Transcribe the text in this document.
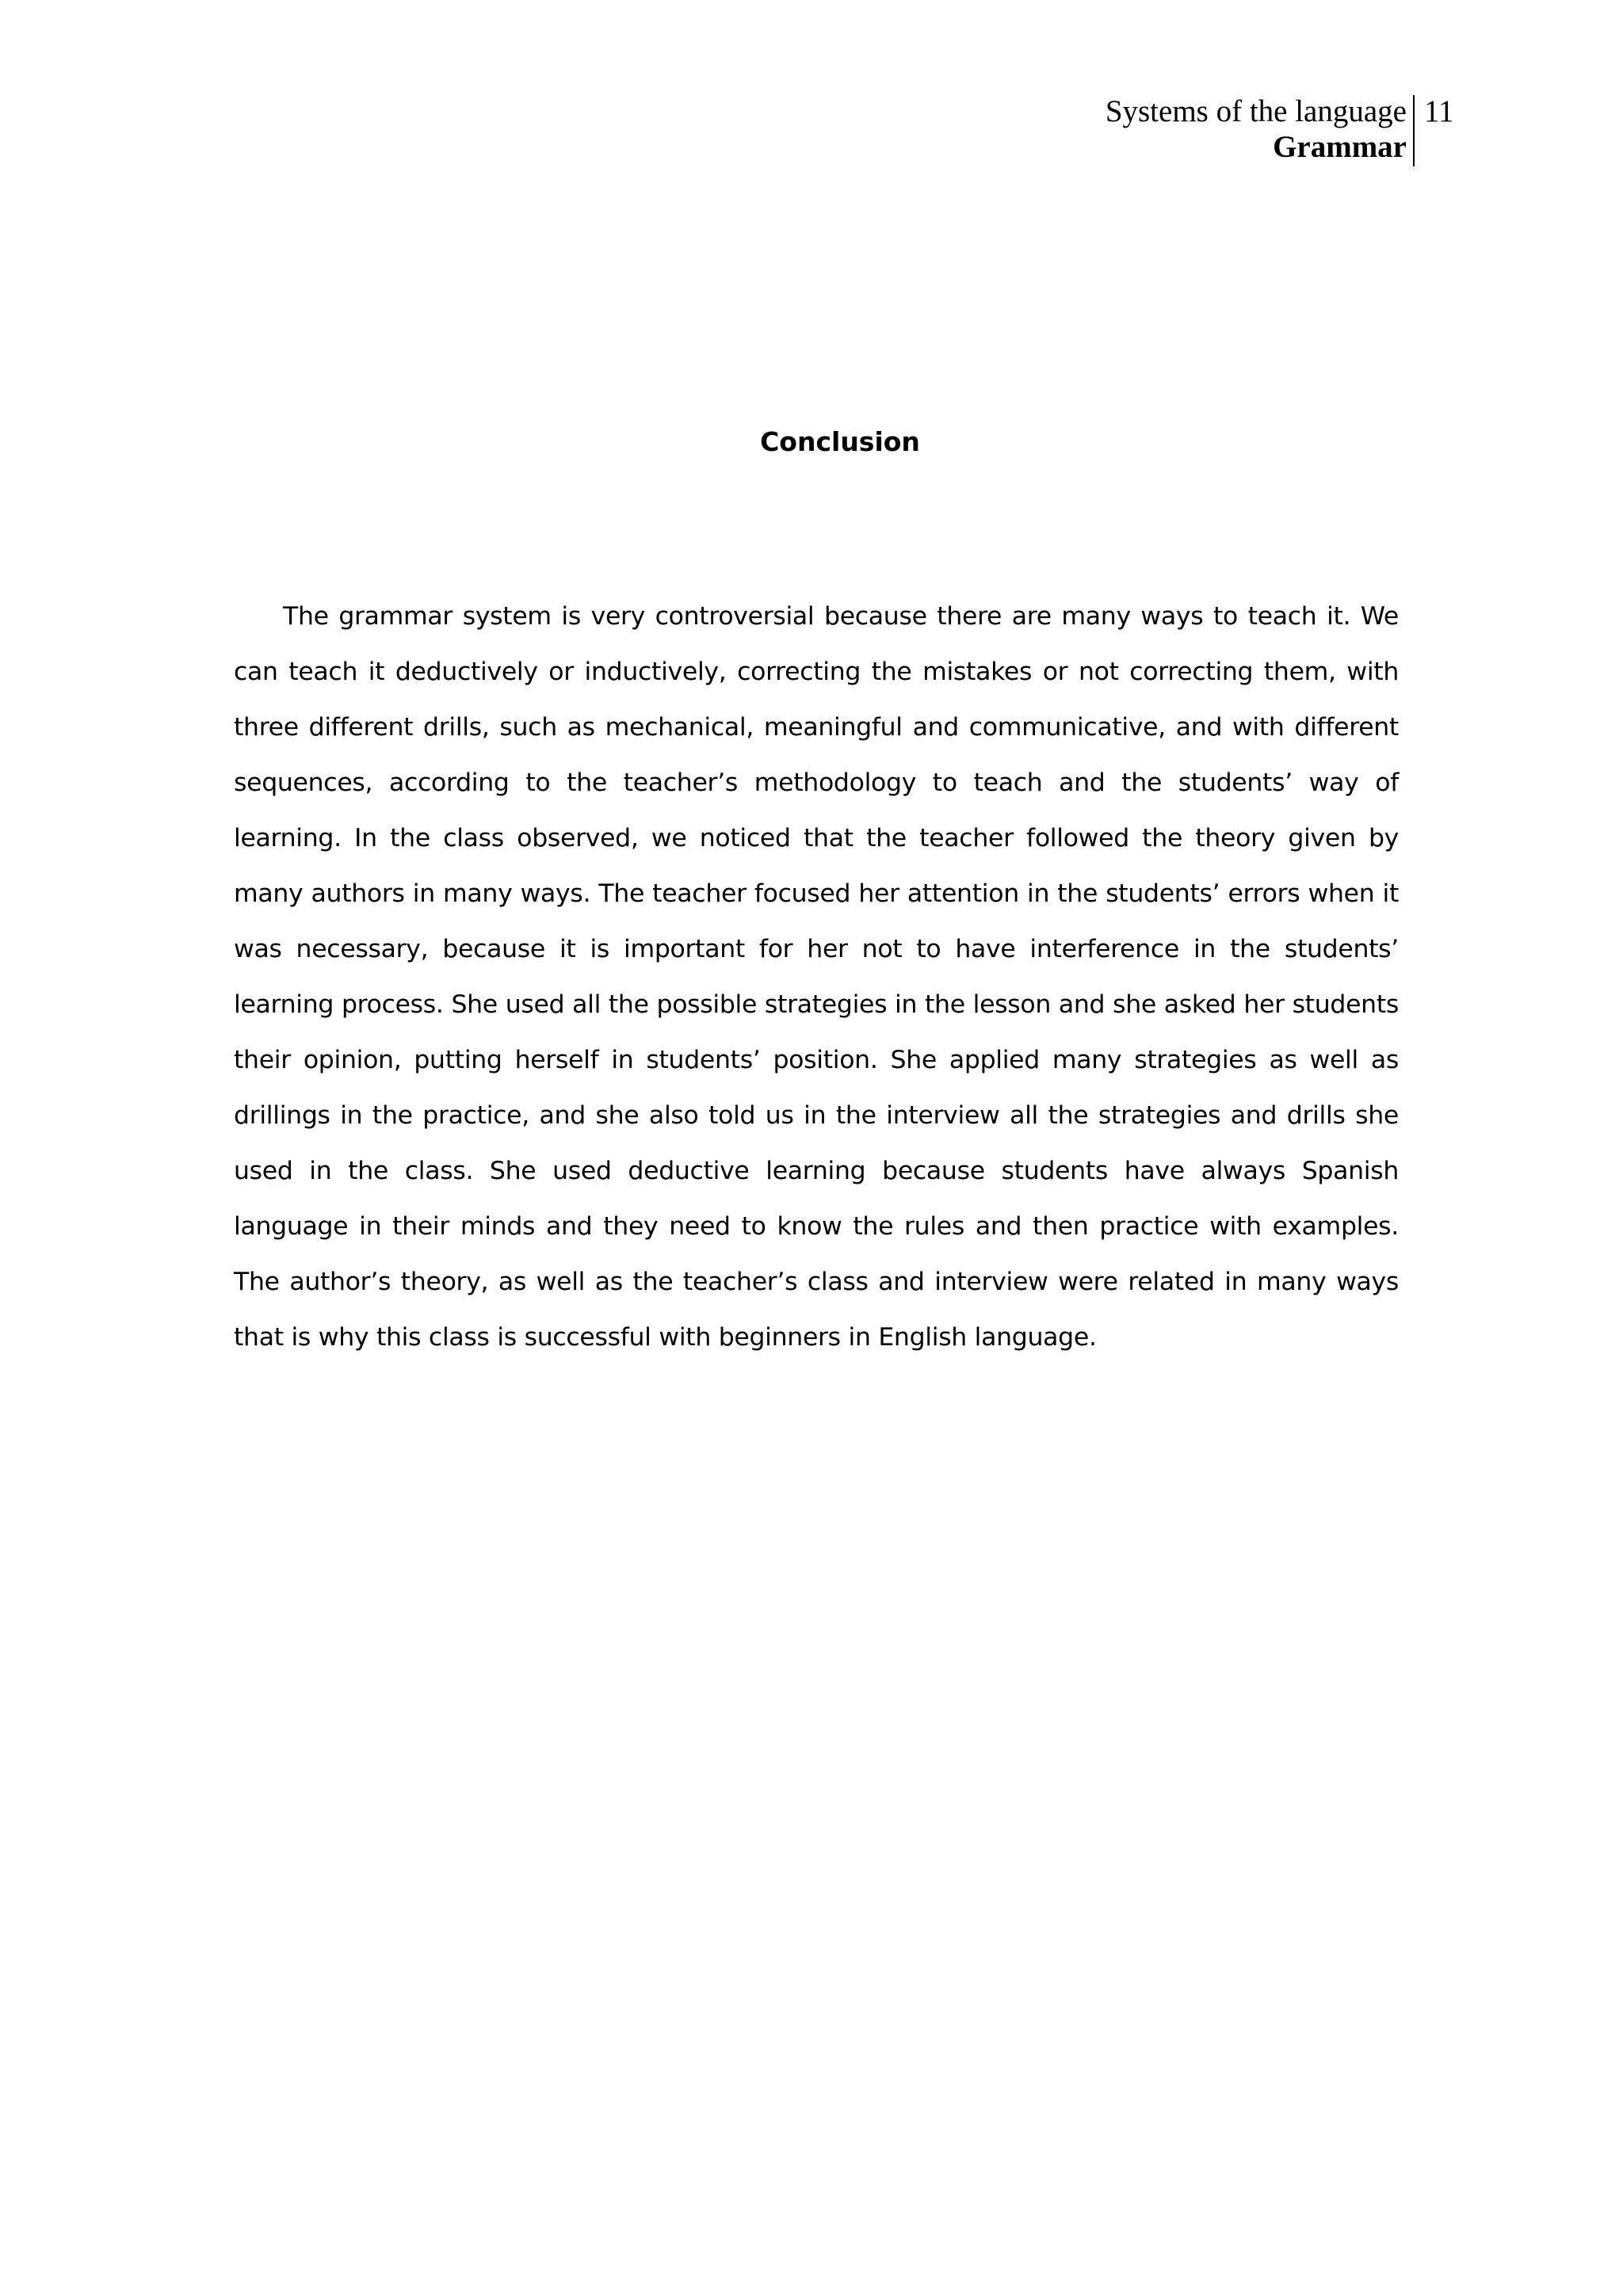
Systems of the language
Grammar
11
Conclusion

The grammar system is very controversial because there are many ways to teach it. We can teach it deductively or inductively, correcting the mistakes or not correcting them, with three different drills, such as mechanical, meaningful and communicative, and with different sequences, according to the teacher’s methodology to teach and the students’ way of learning. In the class observed, we noticed that the teacher followed the theory given by many authors in many ways. The teacher focused her attention in the students’ errors when it was necessary, because it is important for her not to have interference in the students’ learning process. She used all the possible strategies in the lesson and she asked her students their opinion, putting herself in students’ position. She applied many strategies as well as drillings in the practice, and she also told us in the interview all the strategies and drills she used in the class. She used deductive learning because students have always Spanish language in their minds and they need to know the rules and then practice with examples. The author’s theory, as well as the teacher’s class and interview were related in many ways that is why this class is successful with beginners in English language.
